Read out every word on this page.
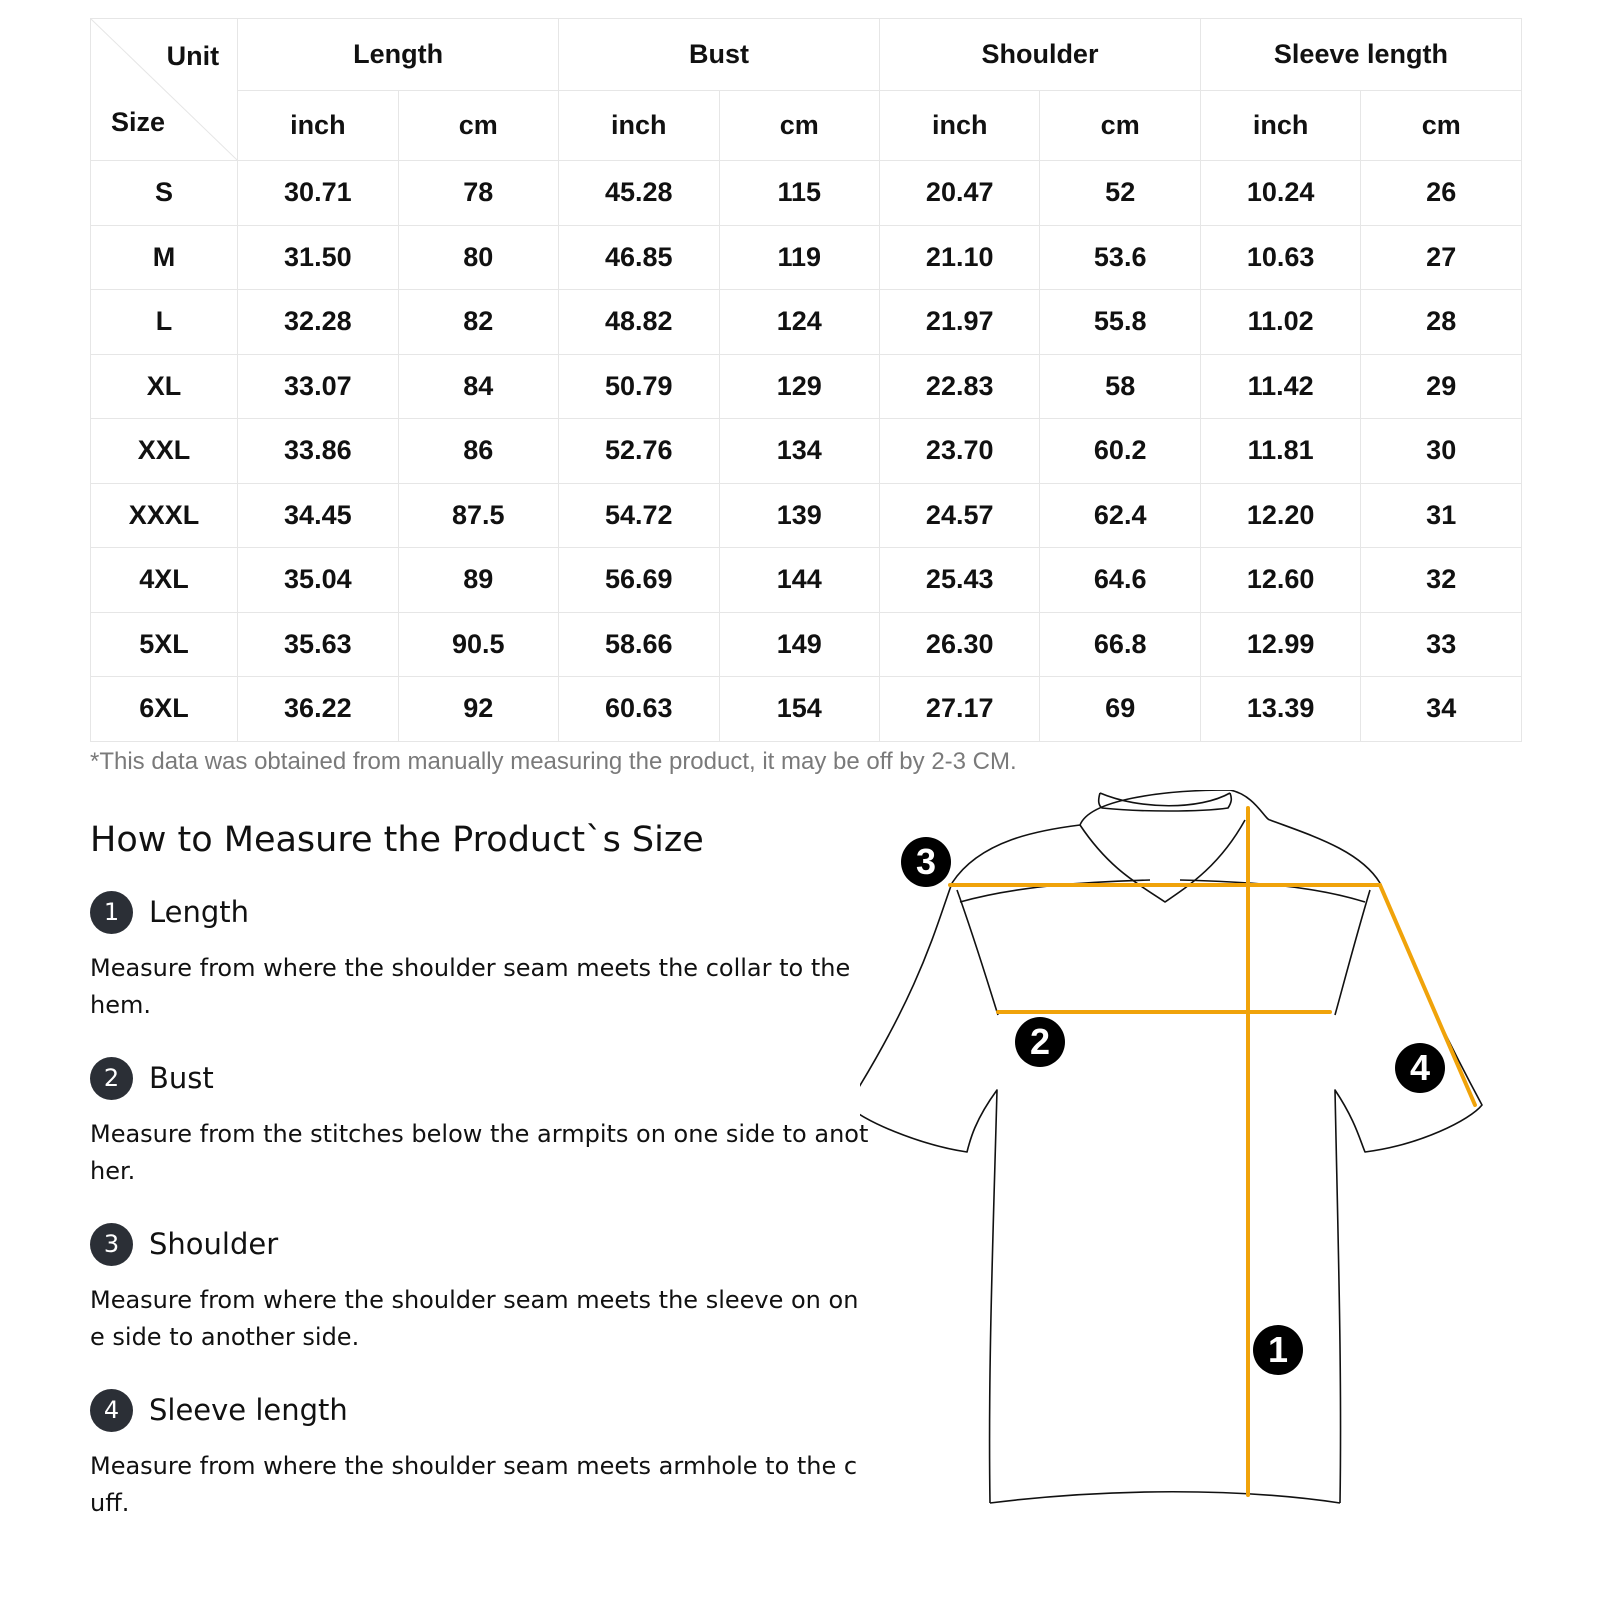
Unit
Size	Length		Bust		Shoulder		Sleeve length	
	inch	cm	inch	cm	inch	cm	inch	cm
S	30.71	78	45.28	115	20.47	52	10.24	26
M	31.50	80	46.85	119	21.10	53.6	10.63	27
L	32.28	82	48.82	124	21.97	55.8	11.02	28
XL	33.07	84	50.79	129	22.83	58	11.42	29
XXL	33.86	86	52.76	134	23.70	60.2	11.81	30
XXXL	34.45	87.5	54.72	139	24.57	62.4	12.20	31
4XL	35.04	89	56.69	144	25.43	64.6	12.60	32
5XL	35.63	90.5	58.66	149	26.30	66.8	12.99	33
6XL	36.22	92	60.63	154	27.17	69	13.39	34
*This data was obtained from manually measuring the product, it may be off by 2-3 CM.
How to Measure the Product`s Size
1	Length
Measure from where the shoulder seam meets the collar to the hem.
2	Bust
Measure from the stitches below the armpits on one side to another.
3	Shoulder
Measure from where the shoulder seam meets the sleeve on one side to another side.
4	Sleeve length
Measure from where the shoulder seam meets armhole to the cuff.
3
2
4
1
